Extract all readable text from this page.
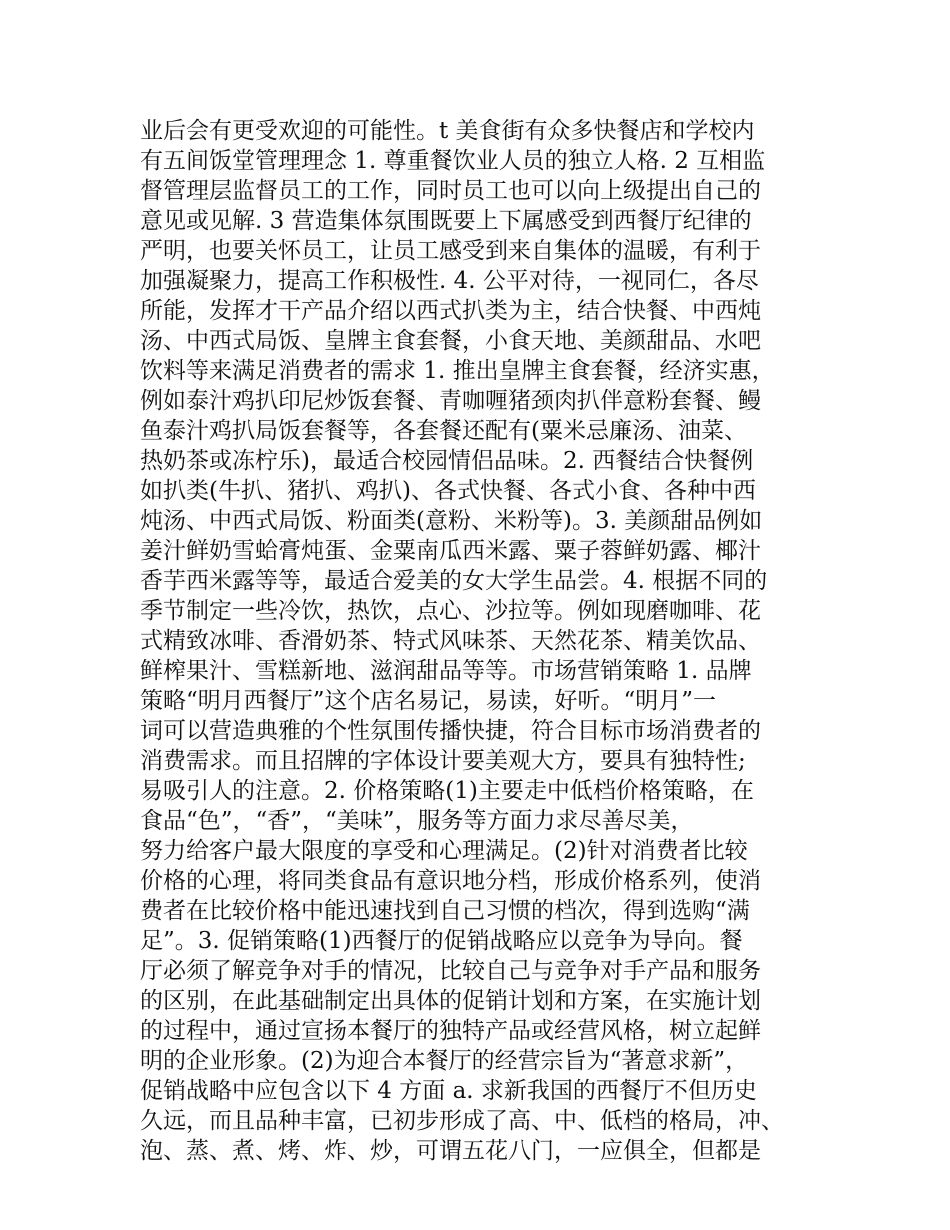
业后会有更受欢迎的可能性。t 美食街有众多快餐店和学校内
有五间饭堂管理理念 1. 尊重餐饮业人员的独立人格. 2 互相监
督管理层监督员工的工作，同时员工也可以向上级提出自己的
意见或见解. 3 营造集体氛围既要上下属感受到西餐厅纪律的
严明，也要关怀员工，让员工感受到来自集体的温暖，有利于
加强凝聚力，提高工作积极性. 4. 公平对待，一视同仁，各尽
所能，发挥才干产品介绍以西式扒类为主，结合快餐、中西炖
汤、中西式局饭、皇牌主食套餐，小食天地、美颜甜品、水吧
饮料等来满足消费者的需求 1. 推出皇牌主食套餐，经济实惠，
例如泰汁鸡扒印尼炒饭套餐、青咖喱猪颈肉扒伴意粉套餐、鳗
鱼泰汁鸡扒局饭套餐等，各套餐还配有(粟米忌廉汤、油菜、
热奶茶或冻柠乐)，最适合校园情侣品味。2. 西餐结合快餐例
如扒类(牛扒、猪扒、鸡扒)、各式快餐、各式小食、各种中西
炖汤、中西式局饭、粉面类(意粉、米粉等)。3. 美颜甜品例如
姜汁鲜奶雪蛤膏炖蛋、金粟南瓜西米露、粟子蓉鲜奶露、椰汁
香芋西米露等等，最适合爱美的女大学生品尝。4. 根据不同的
季节制定一些冷饮，热饮，点心、沙拉等。例如现磨咖啡、花
式精致冰啡、香滑奶茶、特式风味茶、天然花茶、精美饮品、
鲜榨果汁、雪糕新地、滋润甜品等等。市场营销策略 1. 品牌
策略“明月西餐厅”这个店名易记，易读，好听。“明月”一
词可以营造典雅的个性氛围传播快捷，符合目标市场消费者的
消费需求。而且招牌的字体设计要美观大方，要具有独特性;
易吸引人的注意。2. 价格策略(1)主要走中低档价格策略，在
食品“色”，“香”，“美味”，服务等方面力求尽善尽美，
努力给客户最大限度的享受和心理满足。(2)针对消费者比较
价格的心理，将同类食品有意识地分档，形成价格系列，使消
费者在比较价格中能迅速找到自己习惯的档次，得到选购“满
足”。3. 促销策略(1)西餐厅的促销战略应以竞争为导向。餐
厅必须了解竞争对手的情况，比较自己与竞争对手产品和服务
的区别，在此基础制定出具体的促销计划和方案，在实施计划
的过程中，通过宣扬本餐厅的独特产品或经营风格，树立起鲜
明的企业形象。(2)为迎合本餐厅的经营宗旨为“著意求新”，
促销战略中应包含以下 4 方面 a. 求新我国的西餐厅不但历史
久远，而且品种丰富，已初步形成了高、中、低档的格局，冲、
泡、蒸、煮、烤、炸、炒，可谓五花八门，一应俱全，但都是
